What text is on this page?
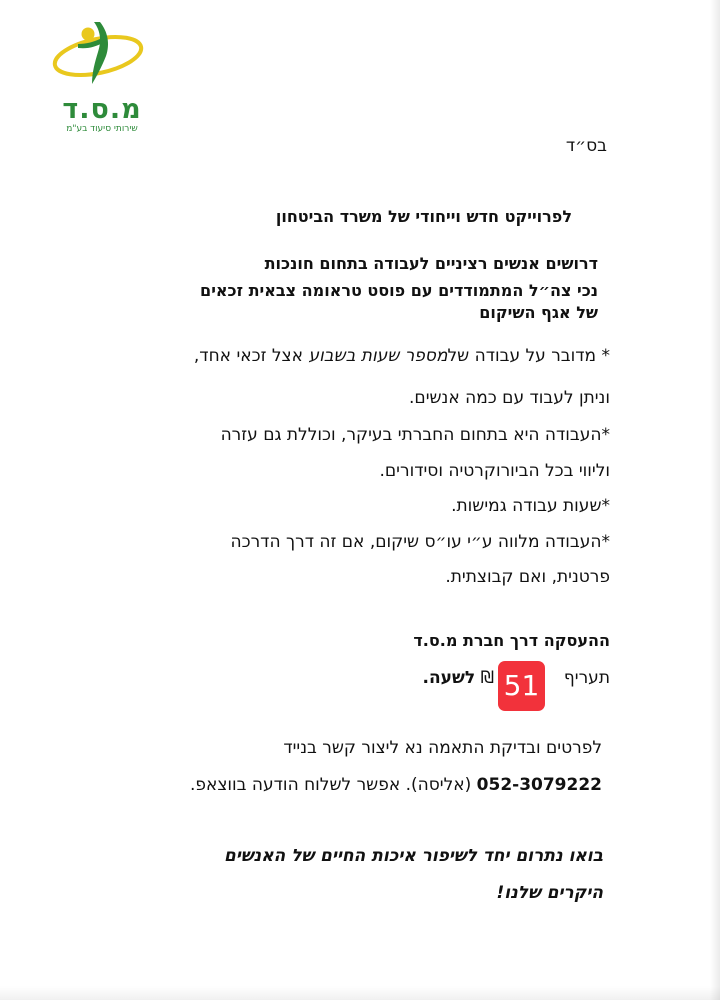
מ.ס.ד
שירותי סיעוד בע"מ
בס״ד
לפרוייקט חדש וייחודי של משרד הביטחון
דרושים אנשים רציניים לעבודה בתחום חונכות
נכי צה״ל המתמודדים עם פוסט טראומה צבאית זכאים
של אגף השיקום
* מדובר על עבודה שלמספר שעות בשבוע אצל זכאי אחד,
וניתן לעבוד עם כמה אנשים.
*העבודה היא בתחום החברתי בעיקר, וכוללת גם עזרה
וליווי בכל הביורוקרטיה וסידורים.
*שעות עבודה גמישות.
*העבודה מלווה ע״י עו״ס שיקום, אם זה דרך הדרכה
פרטנית, ואם קבוצתית.
ההעסקה דרך חברת מ.ס.ד
תעריף₪ לשעה.	51
לפרטים ובדיקת התאמה נא ליצור קשר בנייד
052-3079222 (אליסה). אפשר לשלוח הודעה בווצאפ.
בואו נתרום יחד לשיפור איכות החיים של האנשים
היקרים שלנו!
